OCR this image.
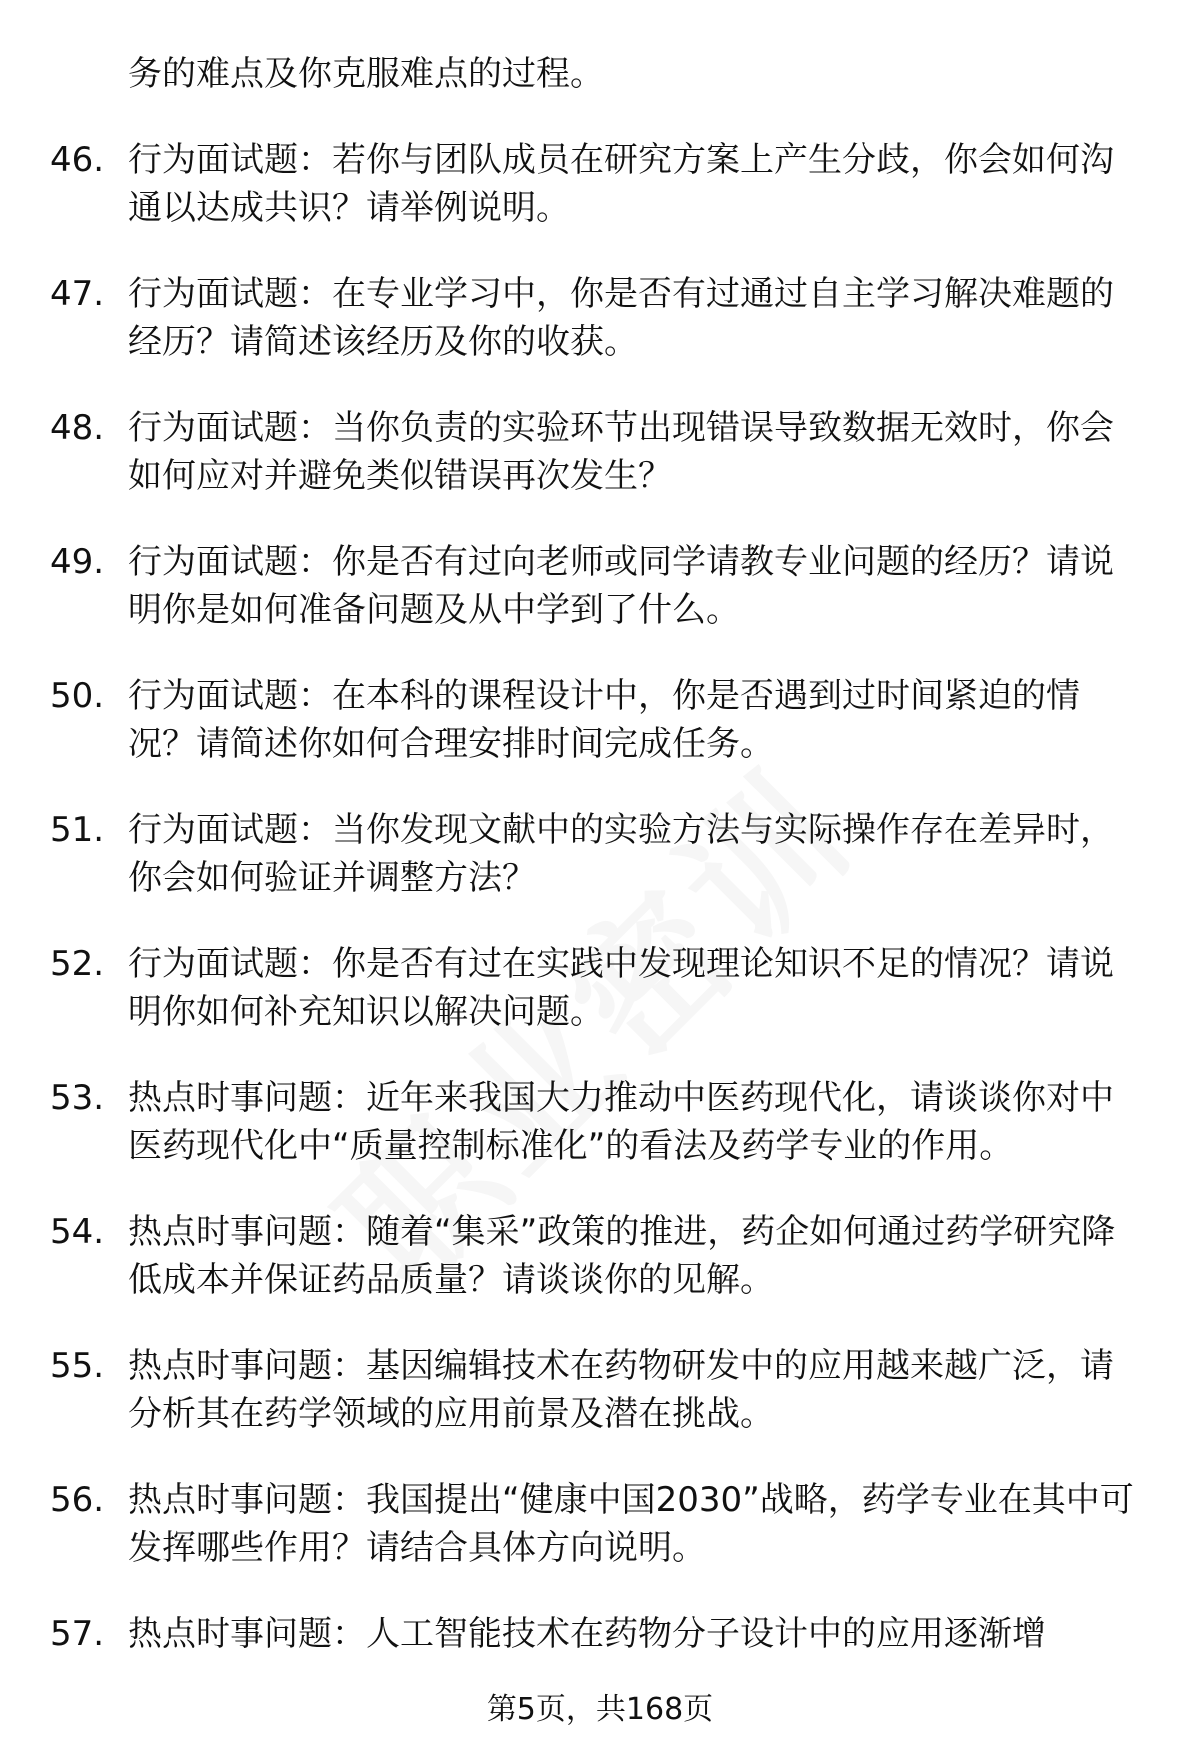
务的难点及你克服难点的过程。
46. 行为面试题：若你与团队成员在研究方案上产生分歧，你会如何沟通以达成共识？请举例说明。
47. 行为面试题：在专业学习中，你是否有过通过自主学习解决难题的经历？请简述该经历及你的收获。
48. 行为面试题：当你负责的实验环节出现错误导致数据无效时，你会如何应对并避免类似错误再次发生？
49. 行为面试题：你是否有过向老师或同学请教专业问题的经历？请说明你是如何准备问题及从中学到了什么。
50. 行为面试题：在本科的课程设计中，你是否遇到过时间紧迫的情况？请简述你如何合理安排时间完成任务。
51. 行为面试题：当你发现文献中的实验方法与实际操作存在差异时，你会如何验证并调整方法？
52. 行为面试题：你是否有过在实践中发现理论知识不足的情况？请说明你如何补充知识以解决问题。
53. 热点时事问题：近年来我国大力推动中医药现代化，请谈谈你对中医药现代化中“质量控制标准化”的看法及药学专业的作用。
54. 热点时事问题：随着“集采”政策的推进，药企如何通过药学研究降低成本并保证药品质量？请谈谈你的见解。
55. 热点时事问题：基因编辑技术在药物研发中的应用越来越广泛，请分析其在药学领域的应用前景及潜在挑战。
56. 热点时事问题：我国提出“健康中国2030”战略，药学专业在其中可发挥哪些作用？请结合具体方向说明。
57. 热点时事问题：人工智能技术在药物分子设计中的应用逐渐增
第5页，共168页
